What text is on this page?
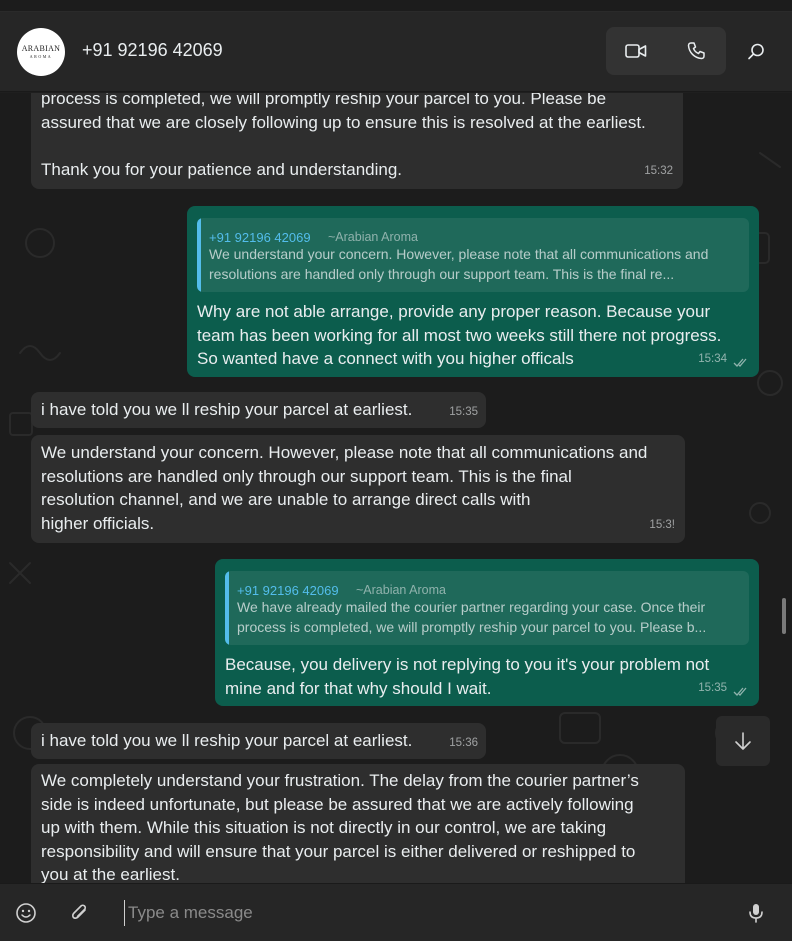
ARABIAN
AROMA +91 92196 42069
process is completed, we will promptly reship your parcel to you. Please be
assured that we are closely following up to ensure this is resolved at the earliest.

Thank you for your patience and understanding.	15:32
+91 92196 42069 ~Arabian Aroma
We understand your concern. However, please note that all communications and resolutions are handled only through our support team. This is the final re...
Why are not able arrange, provide any proper reason. Because your
team has been working for all most two weeks still there not progress.
So wanted have a connect with you higher officals	15:34
i have told you we ll reship your parcel at earliest.	15:35
We understand your concern. However, please note that all communications and
resolutions are handled only through our support team. This is the final
resolution channel, and we are unable to arrange direct calls with
higher officials.	15:3!
+91 92196 42069 ~Arabian Aroma
We have already mailed the courier partner regarding your case. Once their process is completed, we will promptly reship your parcel to you. Please b...
Because, you delivery is not replying to you it's your problem not
mine and for that why should I wait.	15:35
i have told you we ll reship your parcel at earliest.	15:36
We completely understand your frustration. The delay from the courier partner’s
side is indeed unfortunate, but please be assured that we are actively following
up with them. While this situation is not directly in our control, we are taking
responsibility and will ensure that your parcel is either delivered or reshipped to
you at the earliest.
Type a message
